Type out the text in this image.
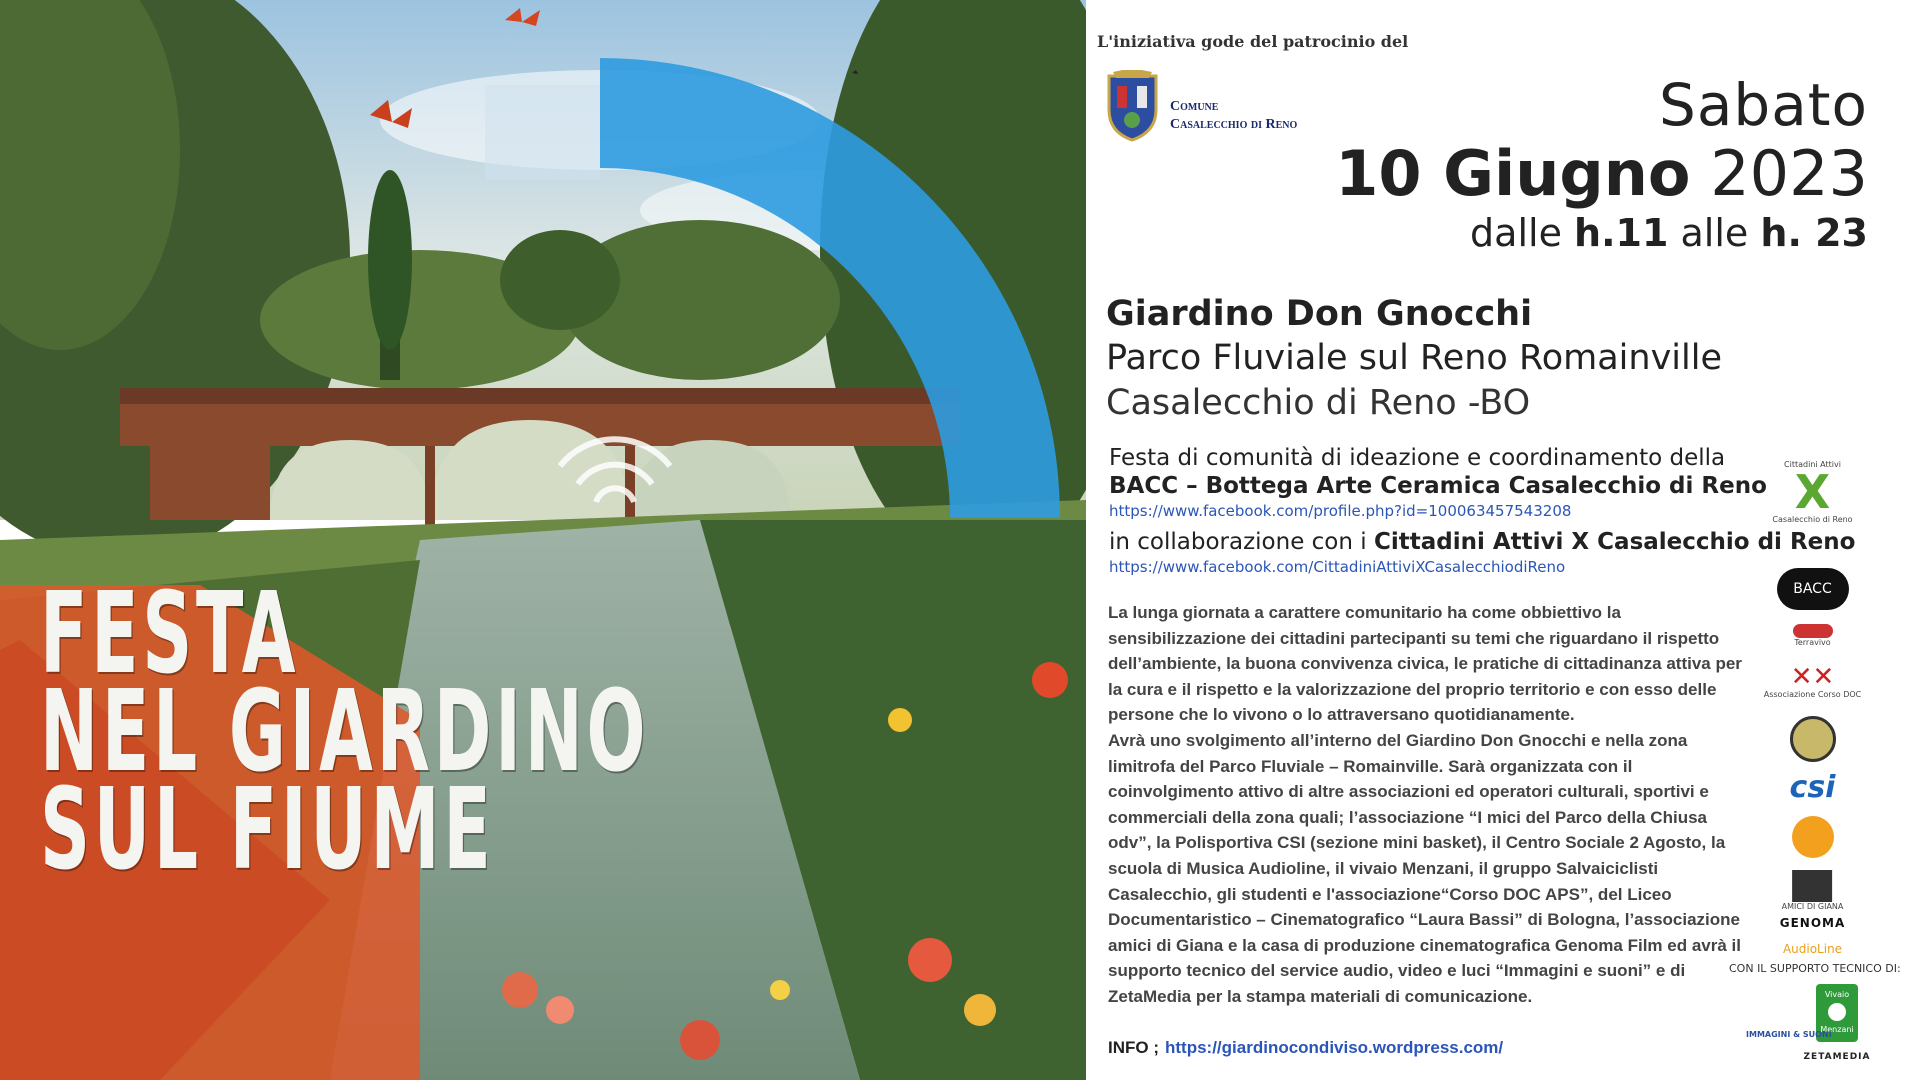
FESTA
NEL GIARDINO
SUL FIUME
L'iniziativa gode del patrocinio del
Comune
Casalecchio di Reno	Sabato
10 Giugno 2023
dalle h.11 alle h. 23
Giardino Don Gnocchi
Parco Fluviale sul Reno Romainville
Casalecchio di Reno -BO
Festa di comunità di ideazione e coordinamento della
BACC – Bottega Arte Ceramica Casalecchio di Reno
https://www.facebook.com/profile.php?id=100063457543208
in collaborazione con i Cittadini Attivi X Casalecchio di Reno
https://www.facebook.com/CittadiniAttiviXCasalecchiodiReno
La lunga giornata a carattere comunitario ha come obbiettivo la sensibilizzazione dei cittadini partecipanti su temi che riguardano il rispetto dell’ambiente, la buona convivenza civica, le pratiche di cittadinanza attiva per la cura e il rispetto e la valorizzazione del proprio territorio e con esso delle persone che lo vivono o lo attraversano quotidianamente.
Avrà uno svolgimento all’interno del Giardino Don Gnocchi e nella zona limitrofa del Parco Fluviale – Romainville. Sarà organizzata con il coinvolgimento attivo di altre associazioni ed operatori culturali, sportivi e commerciali della zona quali; l’associazione “I mici del Parco della Chiusa odv”, la Polisportiva CSI (sezione mini basket), il Centro Sociale 2 Agosto, la scuola di Musica Audioline, il vivaio Menzani, il gruppo Salvaiciclisti Casalecchio, gli studenti e l'associazione“Corso DOC APS”, del Liceo Documentaristico – Cinematografico “Laura Bassi” di Bologna, l’associazione amici di Giana e la casa di produzione cinematografica Genoma Film ed avrà il supporto tecnico del service audio, video e luci “Immagini e suoni” e di ZetaMedia per la stampa materiali di comunicazione.
INFO ; https://giardinocondiviso.wordpress.com/
Cittadini Attivi
X
Casalecchio di Reno
BACC
Terravivo
✕✕
Associazione Corso DOC
csi
AMICI DI GIANA
GENOMA
AudioLine
Vivaio
Menzani
ZETAMEDIA
CON IL SUPPORTO TECNICO DI:
IMMAGINI & SUONI
